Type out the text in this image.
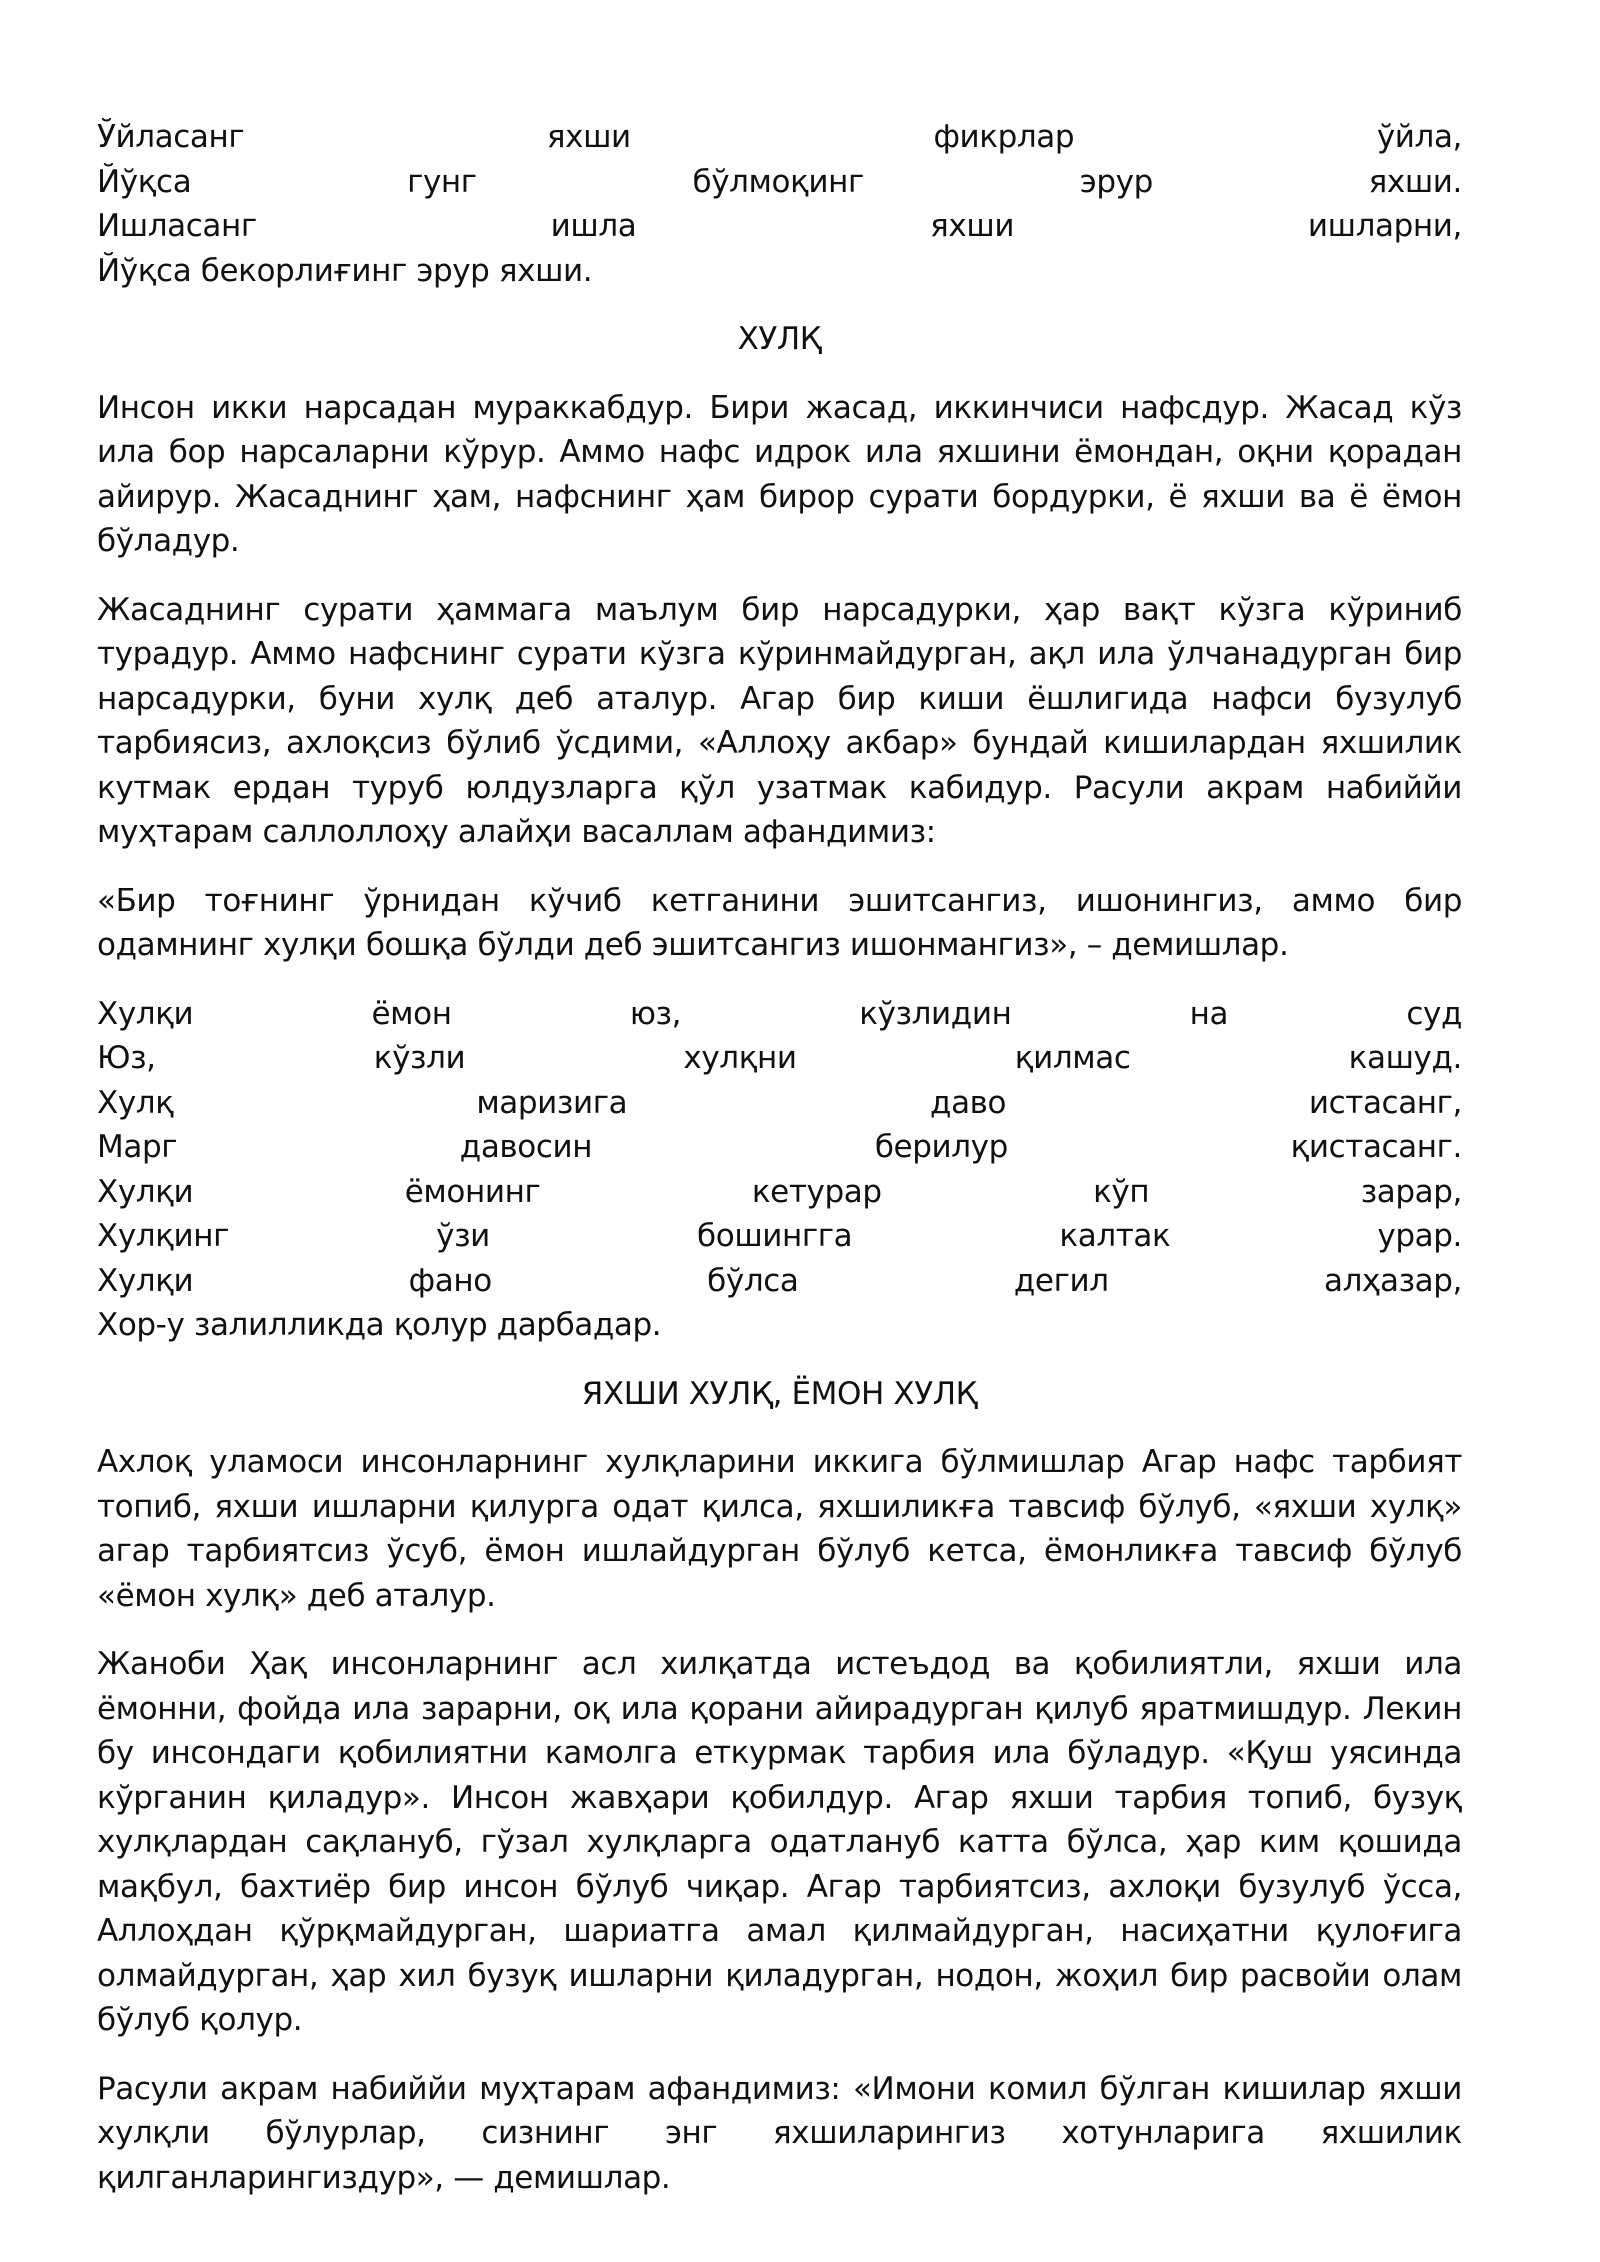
Ўйласанг яхши фикрлар ўйла,
Йўқса гунг бўлмоқинг эрур яхши.
Ишласанг ишла яхши ишларни,
Йўқса бекорлиғинг эрур яхши.
ХУЛҚ

Инсон икки нарсадан мураккабдур. Бири жасад, иккинчиси нафсдур. Жасад кўз ила бор нарсаларни кўрур. Аммо нафс идрок ила яхшини ёмондан, оқни қорадан айирур. Жасаднинг ҳам, нафснинг ҳам бирор сурати бордурки, ё яхши ва ё ёмон бўладур.

Жасаднинг сурати ҳаммага маълум бир нарсадурки, ҳар вақт кўзга кўриниб турадур. Аммо нафснинг сурати кўзга кўринмайдурган, ақл ила ўлчанадурган бир нарсадурки, буни хулқ деб аталур. Агар бир киши ёшлигида нафси бузулуб тарбиясиз, ахлоқсиз бўлиб ўсдими, «Аллоҳу акбар» бундай кишилардан яхшилик кутмак ердан туруб юлдузларга қўл узатмак кабидур. Расули акрам набиййи муҳтарам саллоллоҳу алайҳи васаллам афандимиз:

«Бир тоғнинг ўрнидан кўчиб кетганини эшитсангиз, ишонингиз, аммо бир одамнинг хулқи бошқа бўлди деб эшитсангиз ишонмангиз», – демишлар.

Хулқи ёмон юз, кўзлидин на суд
Юз, кўзли хулқни қилмас кашуд.
Хулқ маризига даво истасанг,
Марг давосин берилур қистасанг.
Хулқи ёмонинг кетурар кўп зарар,
Хулқинг ўзи бошингга калтак урар.
Хулқи фано бўлса дегил алҳазар,
Хор-у залилликда қолур дарбадар.
ЯХШИ ХУЛҚ, ЁМОН ХУЛҚ

Ахлоқ уламоси инсонларнинг хулқларини иккига бўлмишлар Агар нафс тарбият топиб, яхши ишларни қилурга одат қилса, яхшиликға тавсиф бўлуб, «яхши хулқ» агар тарбиятсиз ўсуб, ёмон ишлайдурган бўлуб кетса, ёмонликға тавсиф бўлуб «ёмон хулқ» деб аталур.

Жаноби Ҳақ инсонларнинг асл хилқатда истеъдод ва қобилиятли, яхши ила ёмонни, фойда ила зарарни, оқ ила қорани айирадурган қилуб яратмишдур. Лекин бу инсондаги қобилиятни камолга еткурмак тарбия ила бўладур. «Қуш уясинда кўрганин қиладур». Инсон жавҳари қобилдур. Агар яхши тарбия топиб, бузуқ хулқлардан сақлануб, гўзал хулқларга одатлануб катта бўлса, ҳар ким қошида мақбул, бахтиёр бир инсон бўлуб чиқар. Агар тарбиятсиз, ахлоқи бузулуб ўсса, Аллоҳдан қўрқмайдурган, шариатга амал қилмайдурган, насиҳатни қулоғига олмайдурган, ҳар хил бузуқ ишларни қиладурган, нодон, жоҳил бир расвойи олам бўлуб қолур.

Расули акрам набиййи муҳтарам афандимиз: «Имони комил бўлган кишилар яхши хулқли бўлурлар, сизнинг энг яхшиларингиз хотунларига яхшилик қилганларингиздур», — демишлар.
